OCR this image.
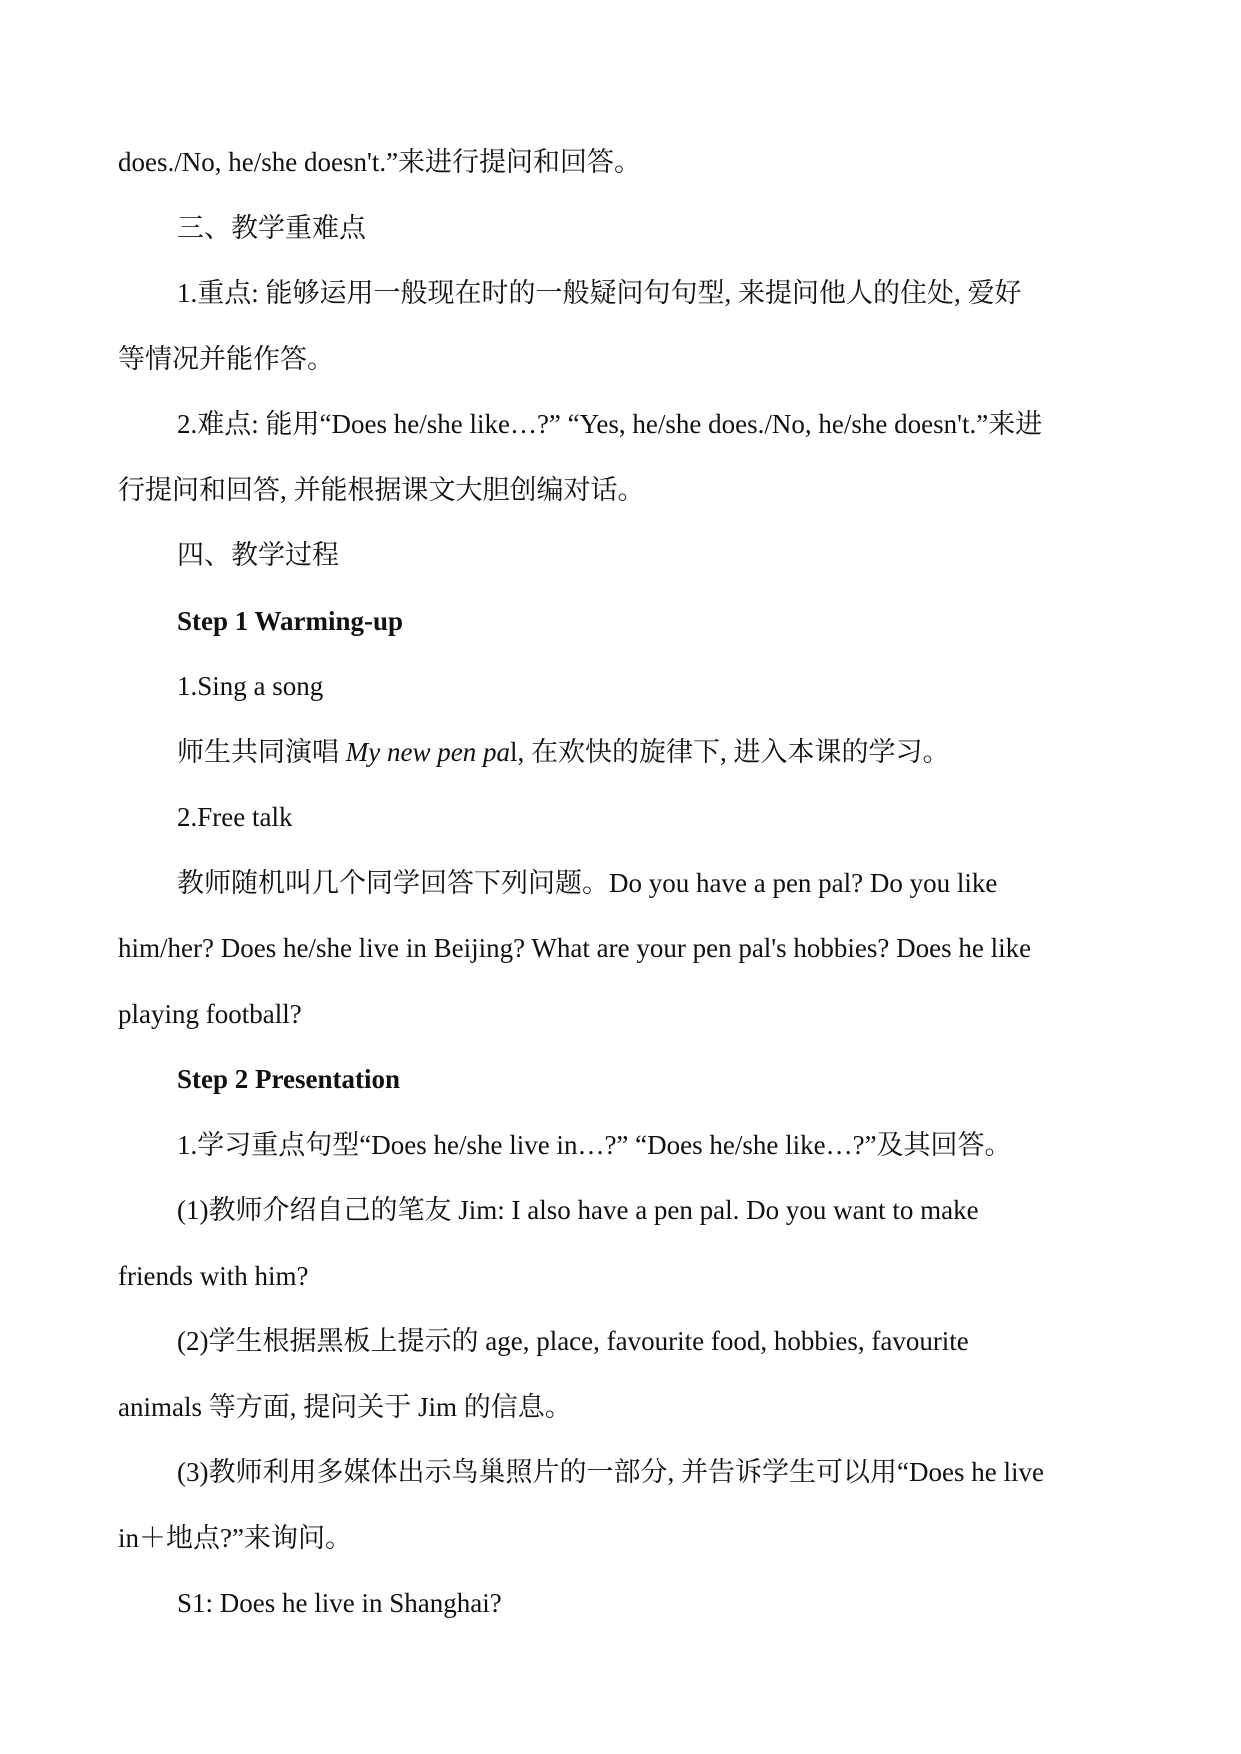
does./No, he/she doesn't.”来进行提问和回答。

三、教学重难点

1.重点: 能够运用一般现在时的一般疑问句句型, 来提问他人的住处, 爱好

等情况并能作答。

2.难点: 能用“Does he/she like…?” “Yes, he/she does./No, he/she doesn't.”来进

行提问和回答, 并能根据课文大胆创编对话。

四、教学过程

Step 1 Warming-up

1.Sing a song

师生共同演唱 My new pen pal, 在欢快的旋律下, 进入本课的学习。

2.Free talk

教师随机叫几个同学回答下列问题。Do you have a pen pal? Do you like

him/her? Does he/she live in Beijing? What are your pen pal's hobbies? Does he like

playing football?

Step 2 Presentation

1.学习重点句型“Does he/she live in…?” “Does he/she like…?”及其回答。

(1)教师介绍自己的笔友 Jim: I also have a pen pal. Do you want to make

friends with him?

(2)学生根据黑板上提示的 age, place, favourite food, hobbies, favourite

animals 等方面, 提问关于 Jim 的信息。

(3)教师利用多媒体出示鸟巢照片的一部分, 并告诉学生可以用“Does he live

in＋地点?”来询问。

S1: Does he live in Shanghai?
